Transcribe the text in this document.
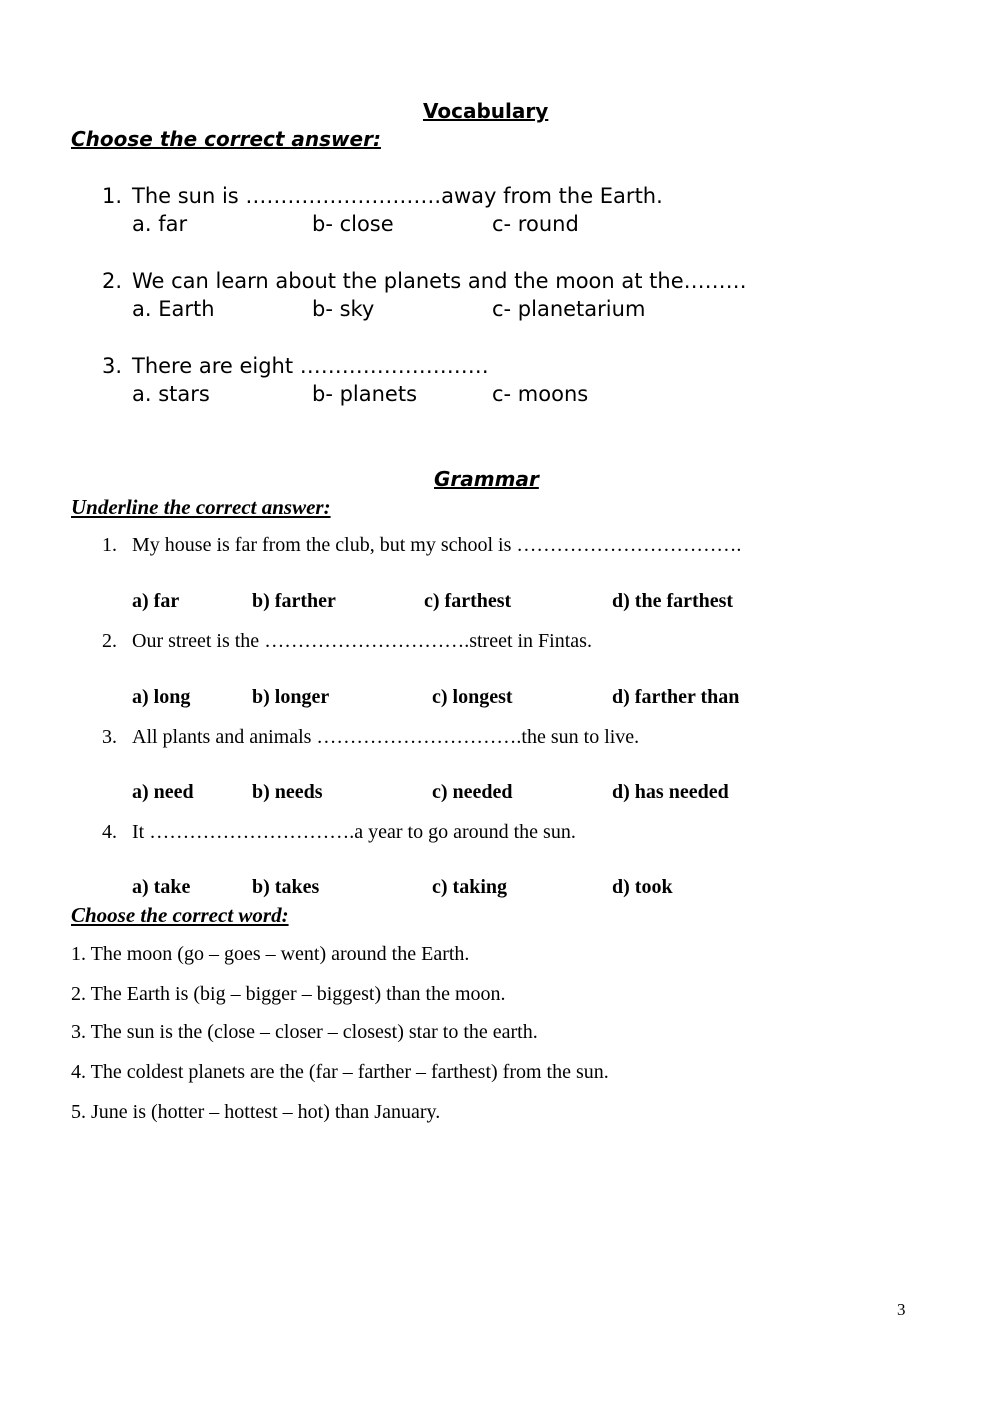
Vocabulary
Choose the correct answer:
1. The sun is ……………………….away from the Earth.
a. far	b- close	c- round
2. We can learn about the planets and the moon at the………
a. Earth	b- sky	c- planetarium
3. There are eight ………………………
a. stars	b- planets	c- moons
Grammar
Underline the correct answer:
1. My house is far from the club, but my school is …………………………….
a) far	b) farther	c) farthest	d) the farthest
2. Our street is the ………………………….street in Fintas.
a) long	b) longer	c) longest	d) farther than
3. All plants and animals ………………………….the sun to live.
a) need	b) needs	c) needed	d) has needed
4. It ………………………….a year to go around the sun.
a) take	b) takes	c) taking	d) took
Choose the correct word:
1. The moon (go – goes – went) around the Earth.
2. The Earth is (big – bigger – biggest) than the moon.
3. The sun is the (close – closer – closest) star to the earth.
4. The coldest planets are the (far – farther – farthest) from the sun.
5. June is (hotter – hottest – hot) than January.
3
